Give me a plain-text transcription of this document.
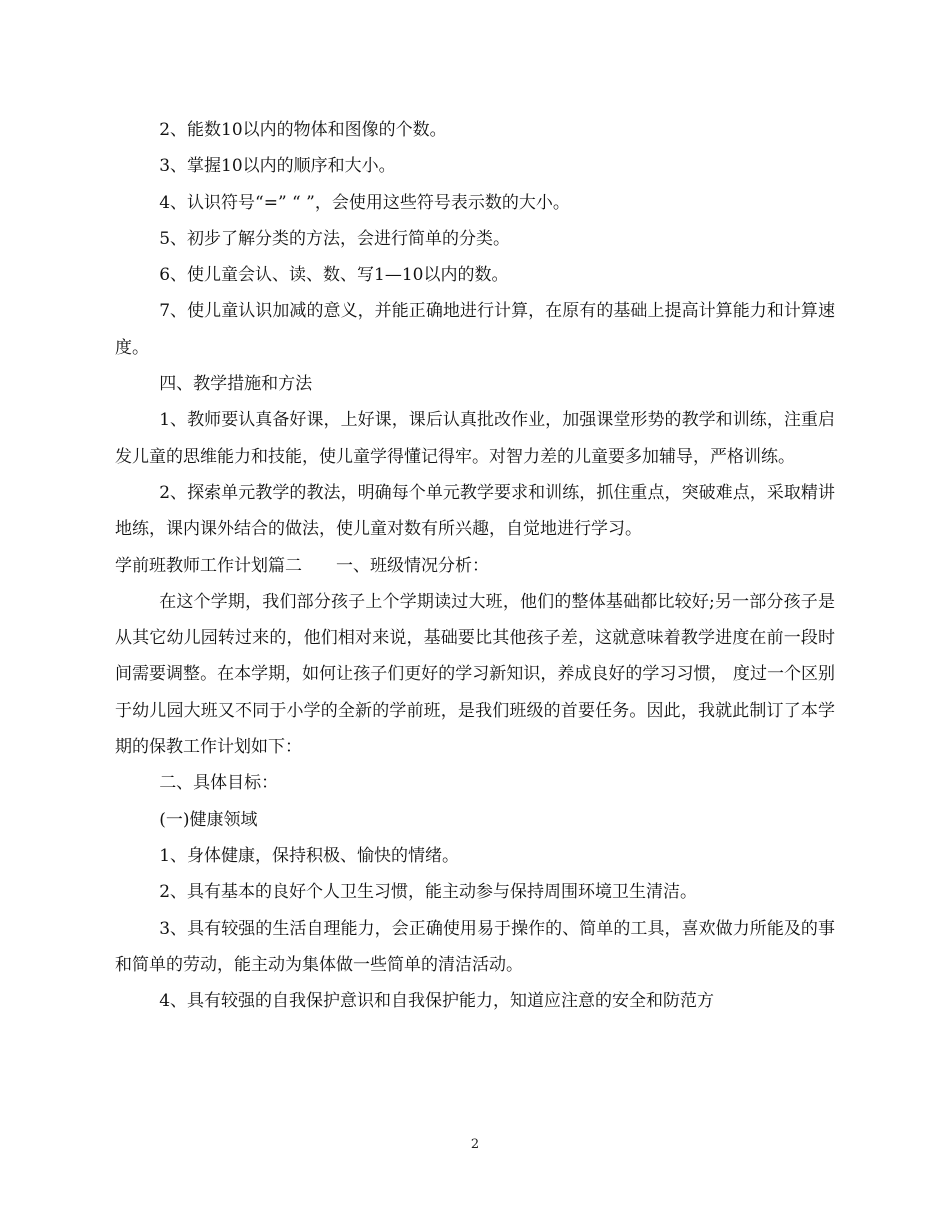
2、能数10以内的物体和图像的个数。

3、掌握10以内的顺序和大小。

4、认识符号“=” “ ”，会使用这些符号表示数的大小。

5、初步了解分类的方法，会进行简单的分类。

6、使儿童会认、读、数、写1—10以内的数。

7、使儿童认识加减的意义，并能正确地进行计算，在原有的基础上提高计算能力和计算速度。

四、教学措施和方法

1、教师要认真备好课，上好课，课后认真批改作业，加强课堂形势的教学和训练，注重启发儿童的思维能力和技能，使儿童学得懂记得牢。对智力差的儿童要多加辅导，严格训练。

2、探索单元教学的教法，明确每个单元教学要求和训练，抓住重点，突破难点，采取精讲地练，课内课外结合的做法，使儿童对数有所兴趣，自觉地进行学习。

学前班教师工作计划篇二　　一、班级情况分析：

在这个学期，我们部分孩子上个学期读过大班，他们的整体基础都比较好;另一部分孩子是从其它幼儿园转过来的，他们相对来说，基础要比其他孩子差，这就意味着教学进度在前一段时间需要调整。在本学期，如何让孩子们更好的学习新知识，养成良好的学习习惯， 度过一个区别于幼儿园大班又不同于小学的全新的学前班，是我们班级的首要任务。因此，我就此制订了本学期的保教工作计划如下：

二、具体目标：

(一)健康领域

1、身体健康，保持积极、愉快的情绪。

2、具有基本的良好个人卫生习惯，能主动参与保持周围环境卫生清洁。

3、具有较强的生活自理能力，会正确使用易于操作的、简单的工具，喜欢做力所能及的事和简单的劳动，能主动为集体做一些简单的清洁活动。

4、具有较强的自我保护意识和自我保护能力，知道应注意的安全和防范方

2
